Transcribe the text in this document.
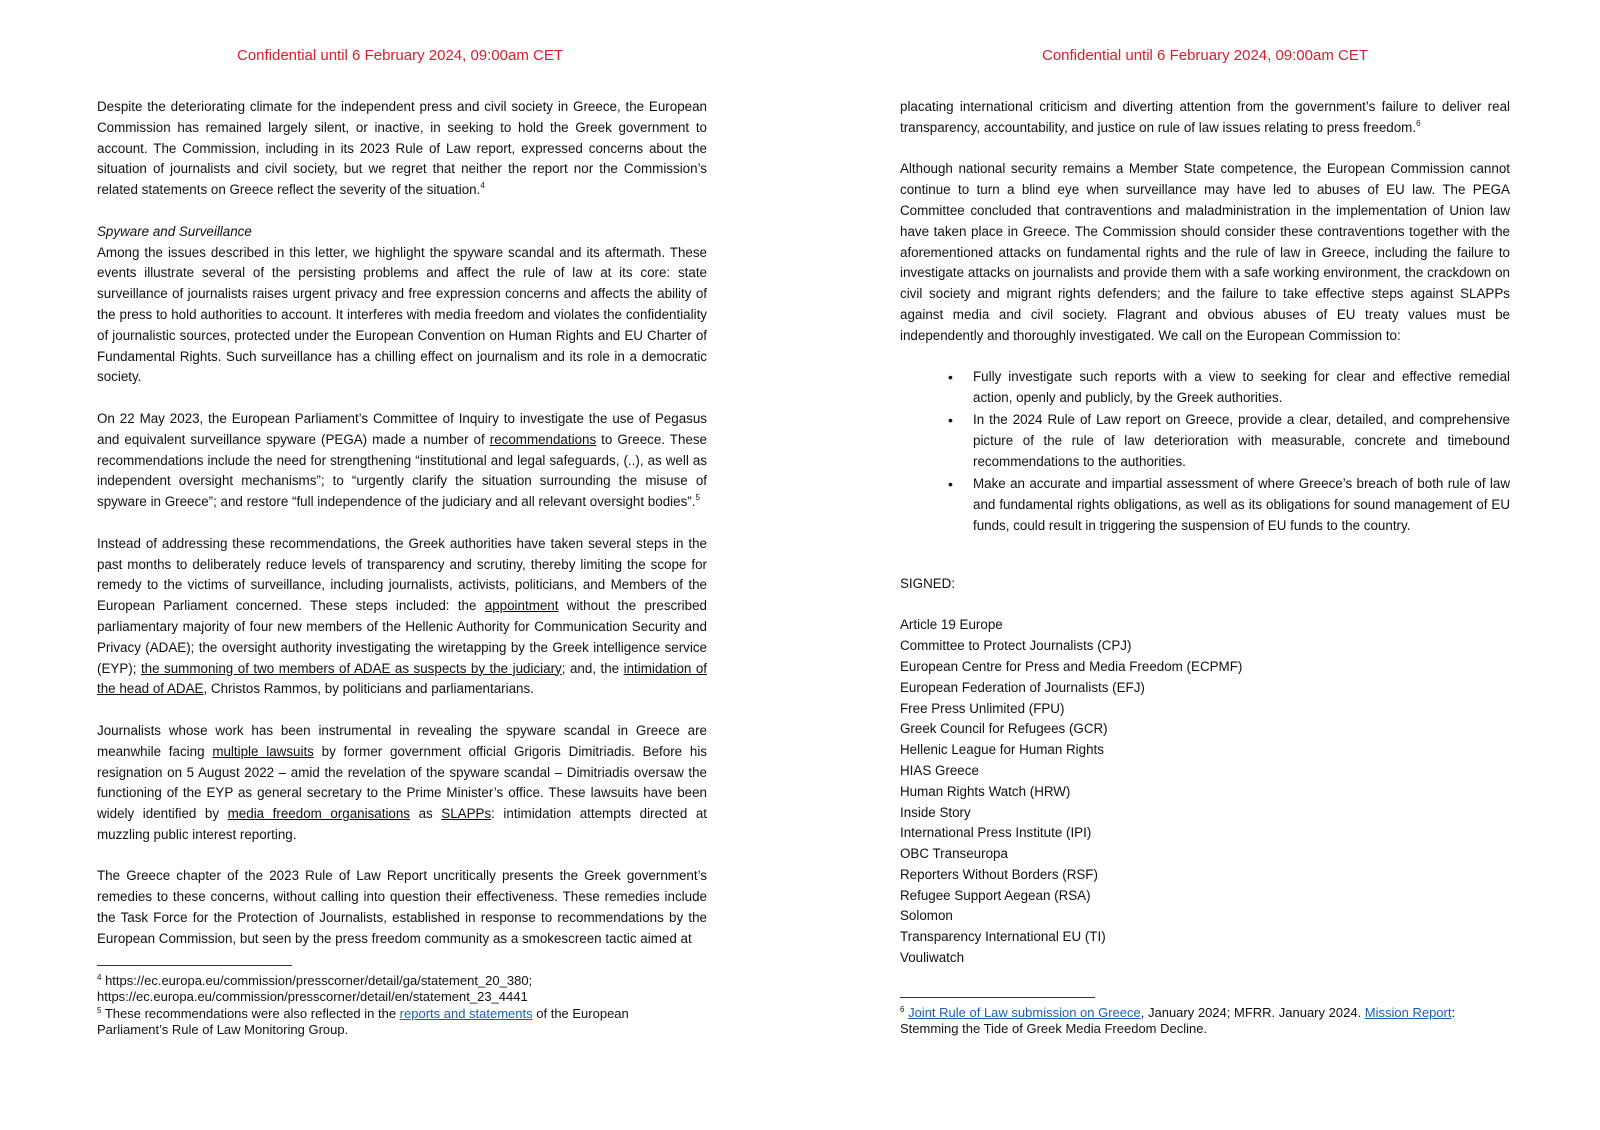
Confidential until 6 February 2024, 09:00am CET

Despite the deteriorating climate for the independent press and civil society in Greece, the European Commission has remained largely silent, or inactive, in seeking to hold the Greek government to account. The Commission, including in its 2023 Rule of Law report, expressed concerns about the situation of journalists and civil society, but we regret that neither the report nor the Commission’s related statements on Greece reflect the severity of the situation.$^4$

Spyware and Surveillance

Among the issues described in this letter, we highlight the spyware scandal and its aftermath. These events illustrate several of the persisting problems and affect the rule of law at its core: state surveillance of journalists raises urgent privacy and free expression concerns and affects the ability of the press to hold authorities to account. It interferes with media freedom and violates the confidentiality of journalistic sources, protected under the European Convention on Human Rights and EU Charter of Fundamental Rights. Such surveillance has a chilling effect on journalism and its role in a democratic society.

On 22 May 2023, the European Parliament’s Committee of Inquiry to investigate the use of Pegasus and equivalent surveillance spyware (PEGA) made a number of recommendations to Greece. These recommendations include the need for strengthening “institutional and legal safeguards, (..), as well as independent oversight mechanisms”; to “urgently clarify the situation surrounding the misuse of spyware in Greece”; and restore “full independence of the judiciary and all relevant oversight bodies”.$^5$

Instead of addressing these recommendations, the Greek authorities have taken several steps in the past months to deliberately reduce levels of transparency and scrutiny, thereby limiting the scope for remedy to the victims of surveillance, including journalists, activists, politicians, and Members of the European Parliament concerned. These steps included: the appointment without the prescribed parliamentary majority of four new members of the Hellenic Authority for Communication Security and Privacy (ADAE); the oversight authority investigating the wiretapping by the Greek intelligence service (EYP); the summoning of two members of ADAE as suspects by the judiciary; and, the intimidation of the head of ADAE, Christos Rammos, by politicians and parliamentarians.

Journalists whose work has been instrumental in revealing the spyware scandal in Greece are meanwhile facing multiple lawsuits by former government official Grigoris Dimitriadis. Before his resignation on 5 August 2022 – amid the revelation of the spyware scandal – Dimitriadis oversaw the functioning of the EYP as general secretary to the Prime Minister’s office. These lawsuits have been widely identified by media freedom organisations as SLAPPs: intimidation attempts directed at muzzling public interest reporting.

The Greece chapter of the 2023 Rule of Law Report uncritically presents the Greek government’s remedies to these concerns, without calling into question their effectiveness. These remedies include the Task Force for the Protection of Journalists, established in response to recommendations by the European Commission, but seen by the press freedom community as a smokescreen tactic aimed at

$^4$ https://ec.europa.eu/commission/presscorner/detail/ga/statement_20_380;
https://ec.europa.eu/commission/presscorner/detail/en/statement_23_4441
$^5$ These recommendations were also reflected in the reports and statements of the European
Parliament’s Rule of Law Monitoring Group.
Confidential until 6 February 2024, 09:00am CET

placating international criticism and diverting attention from the government’s failure to deliver real transparency, accountability, and justice on rule of law issues relating to press freedom.$^6$

Although national security remains a Member State competence, the European Commission cannot continue to turn a blind eye when surveillance may have led to abuses of EU law. The PEGA Committee concluded that contraventions and maladministration in the implementation of Union law have taken place in Greece. The Commission should consider these contraventions together with the aforementioned attacks on fundamental rights and the rule of law in Greece, including the failure to investigate attacks on journalists and provide them with a safe working environment, the crackdown on civil society and migrant rights defenders; and the failure to take effective steps against SLAPPs against media and civil society. Flagrant and obvious abuses of EU treaty values must be independently and thoroughly investigated. We call on the European Commission to:

• Fully investigate such reports with a view to seeking for clear and effective remedial action, openly and publicly, by the Greek authorities.
• In the 2024 Rule of Law report on Greece, provide a clear, detailed, and comprehensive picture of the rule of law deterioration with measurable, concrete and timebound recommendations to the authorities.
• Make an accurate and impartial assessment of where Greece’s breach of both rule of law and fundamental rights obligations, as well as its obligations for sound management of EU funds, could result in triggering the suspension of EU funds to the country.

SIGNED:

Article 19 Europe
Committee to Protect Journalists (CPJ)
European Centre for Press and Media Freedom (ECPMF)
European Federation of Journalists (EFJ)
Free Press Unlimited (FPU)
Greek Council for Refugees (GCR)
Hellenic League for Human Rights
HIAS Greece
Human Rights Watch (HRW)
Inside Story
International Press Institute (IPI)
OBC Transeuropa
Reporters Without Borders (RSF)
Refugee Support Aegean (RSA)
Solomon
Transparency International EU (TI)
Vouliwatch
$^6$ Joint Rule of Law submission on Greece, January 2024; MFRR. January 2024. Mission Report:
Stemming the Tide of Greek Media Freedom Decline.
